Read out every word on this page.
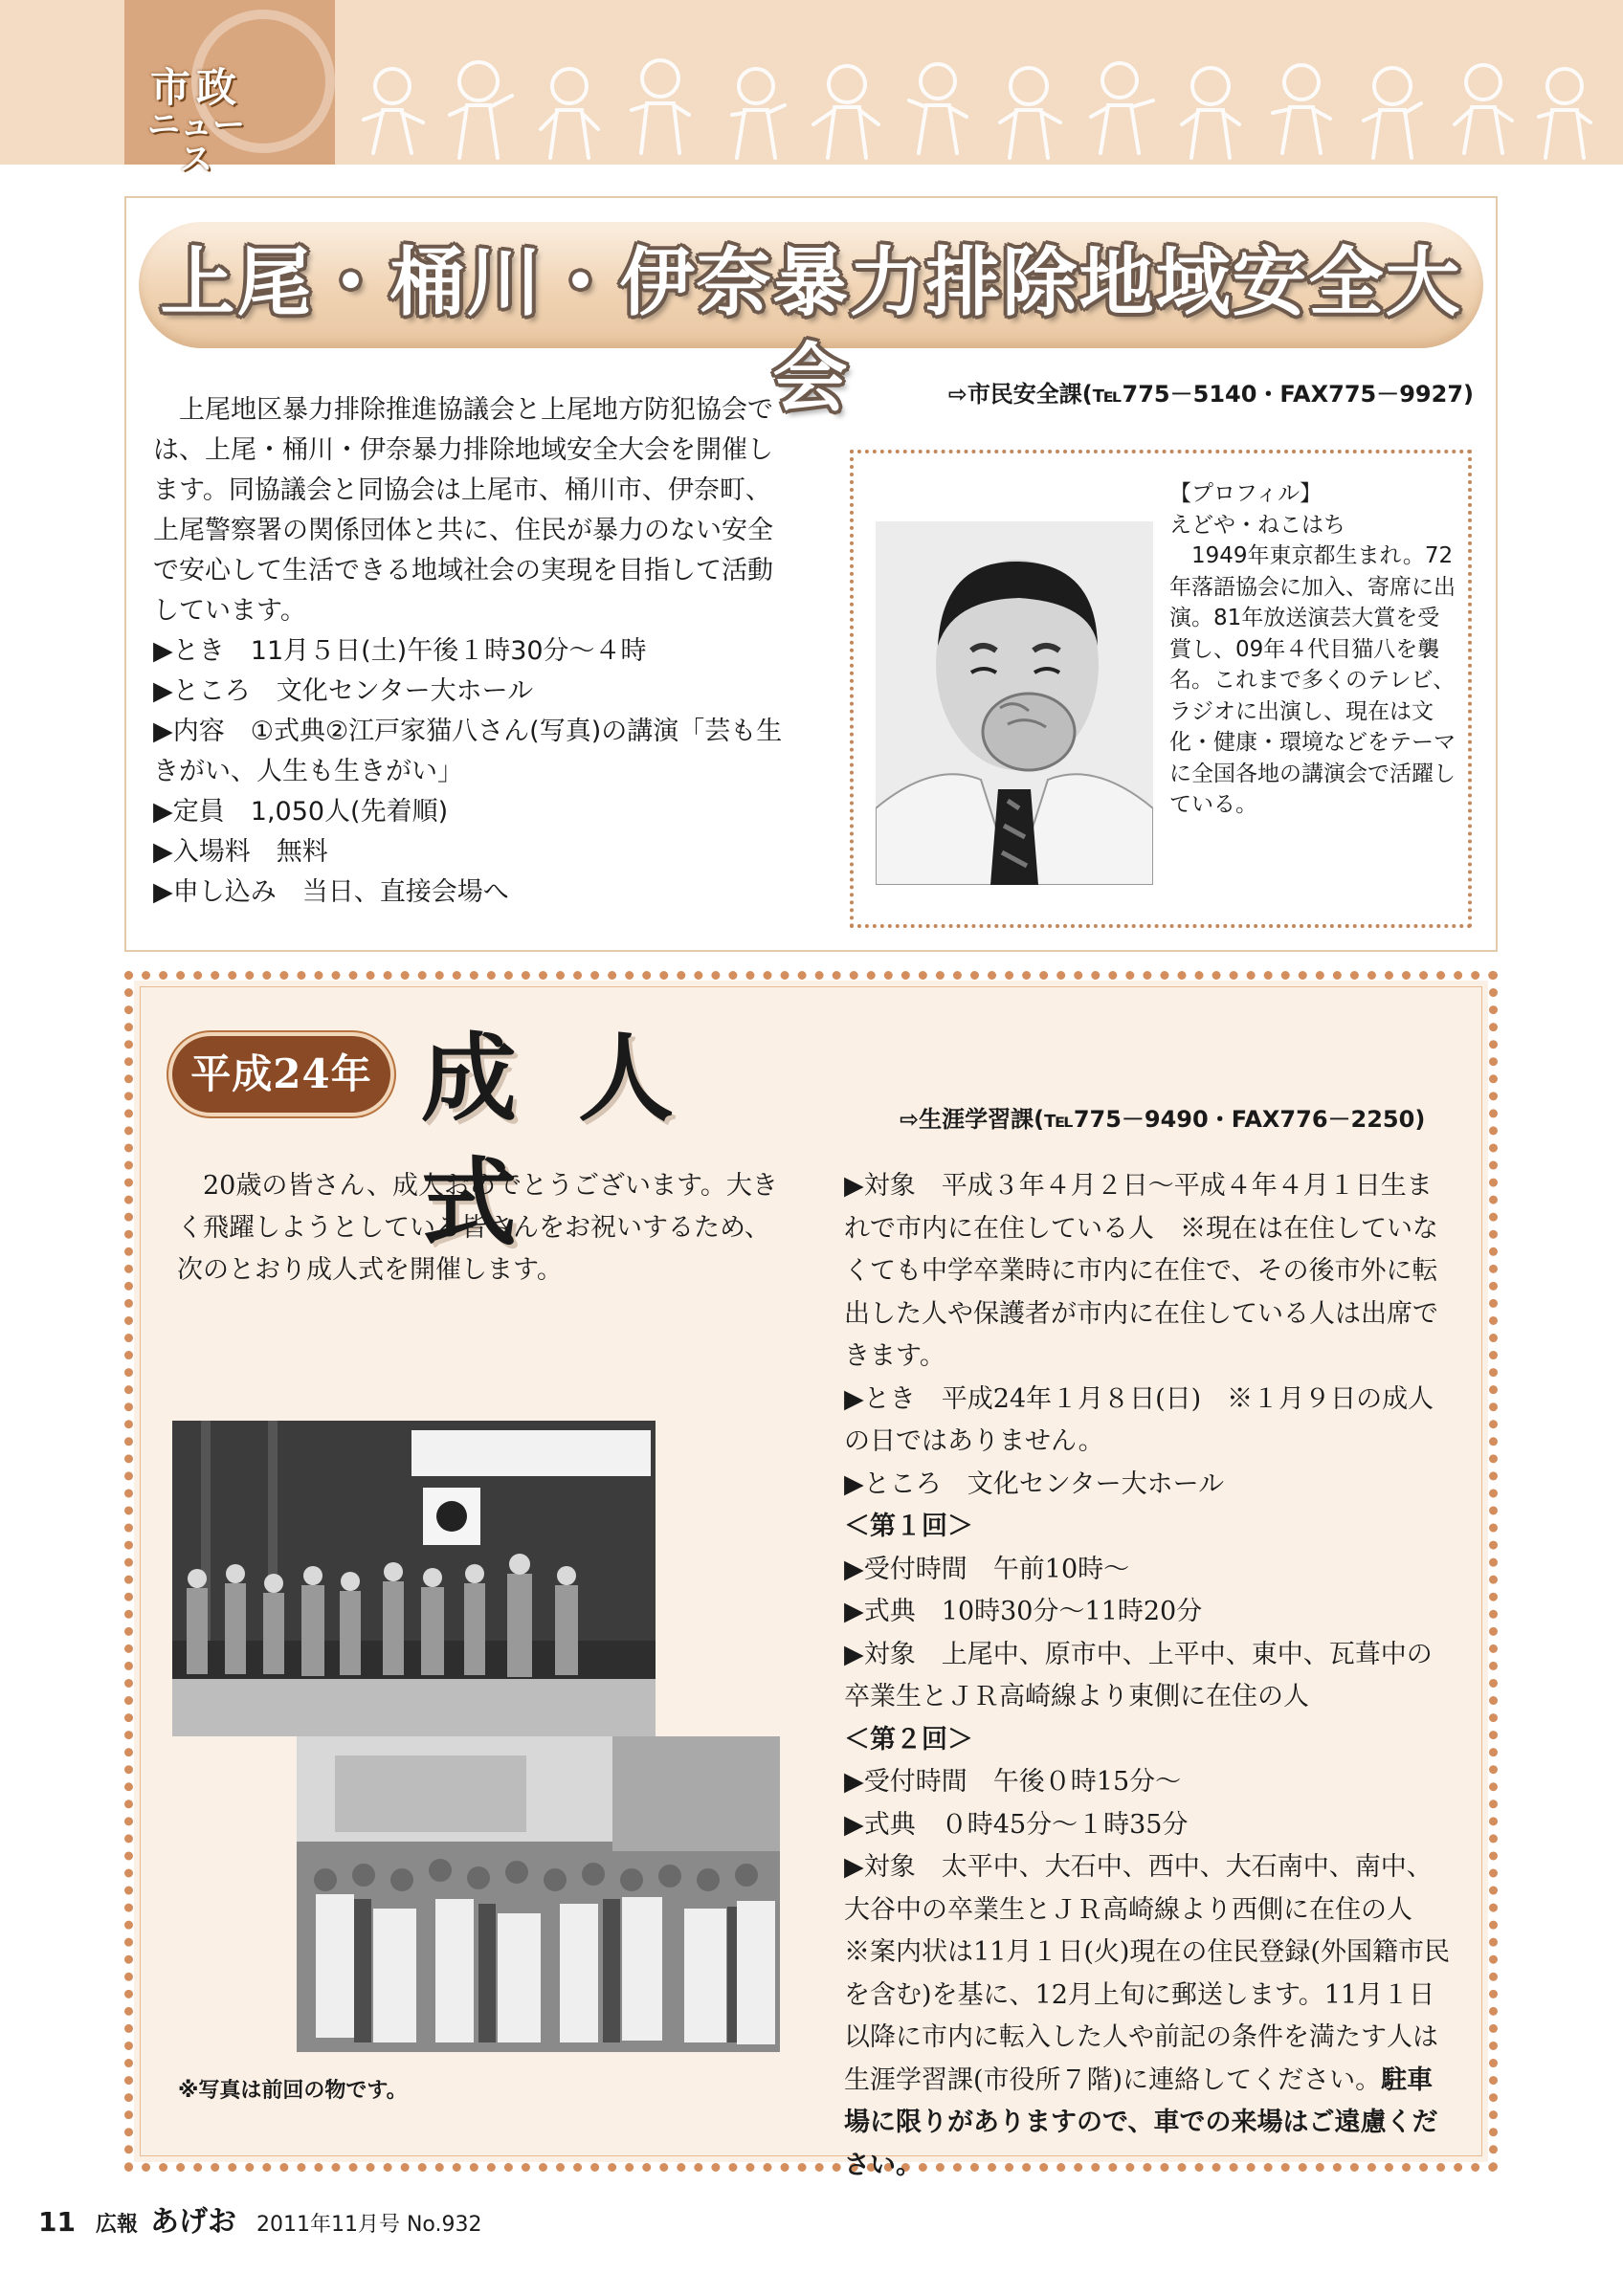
市政
ニュース
上尾・桶川・伊奈暴力排除地域安全大会	⇨市民安全課(℡775－5140・FAX775－9927)

上尾地区暴力排除推進協議会と上尾地方防犯協会では、上尾・桶川・伊奈暴力排除地域安全大会を開催します。同協議会と同協会は上尾市、桶川市、伊奈町、上尾警察署の関係団体と共に、住民が暴力のない安全で安心して生活できる地域社会の実現を目指して活動しています。

▶とき　11月５日(土)午後１時30分～４時

▶ところ　文化センター大ホール

▶内容　①式典②江戸家猫八さん(写真)の講演「芸も生きがい、人生も生きがい」

▶定員　1,050人(先着順)

▶入場料　無料

▶申し込み　当日、直接会場へ

【プロフィル】

えどや・ねこはち

1949年東京都生まれ。72年落語協会に加入、寄席に出演。81年放送演芸大賞を受賞し、09年４代目猫八を襲名。これまで多くのテレビ、ラジオに出演し、現在は文化・健康・環境などをテーマに全国各地の講演会で活躍している。

平成24年 成人式
⇨生涯学習課(℡775－9490・FAX776－2250)

20歳の皆さん、成人おめでとうございます。大きく飛躍しようとしている皆さんをお祝いするため、次のとおり成人式を開催します。

▶対象　平成３年４月２日～平成４年４月１日生まれで市内に在住している人　※現在は在住していなくても中学卒業時に市内に在住で、その後市外に転出した人や保護者が市内に在住している人は出席できます。

▶とき　平成24年１月８日(日)　※１月９日の成人の日ではありません。

▶ところ　文化センター大ホール

＜第１回＞

▶受付時間　午前10時～

▶式典　10時30分～11時20分

▶対象　上尾中、原市中、上平中、東中、瓦葺中の卒業生とＪＲ高崎線より東側に在住の人

＜第２回＞

▶受付時間　午後０時15分～

▶式典　０時45分～１時35分

▶対象　太平中、大石中、西中、大石南中、南中、大谷中の卒業生とＪＲ高崎線より西側に在住の人

※案内状は11月１日(火)現在の住民登録(外国籍市民を含む)を基に、12月上旬に郵送します。11月１日以降に市内に転入した人や前記の条件を満たす人は生涯学習課(市役所７階)に連絡してください。駐車場に限りがありますので、車での来場はご遠慮ください。

※写真は前回の物です。
11 広報 あげお 2011年11月号 No.932
